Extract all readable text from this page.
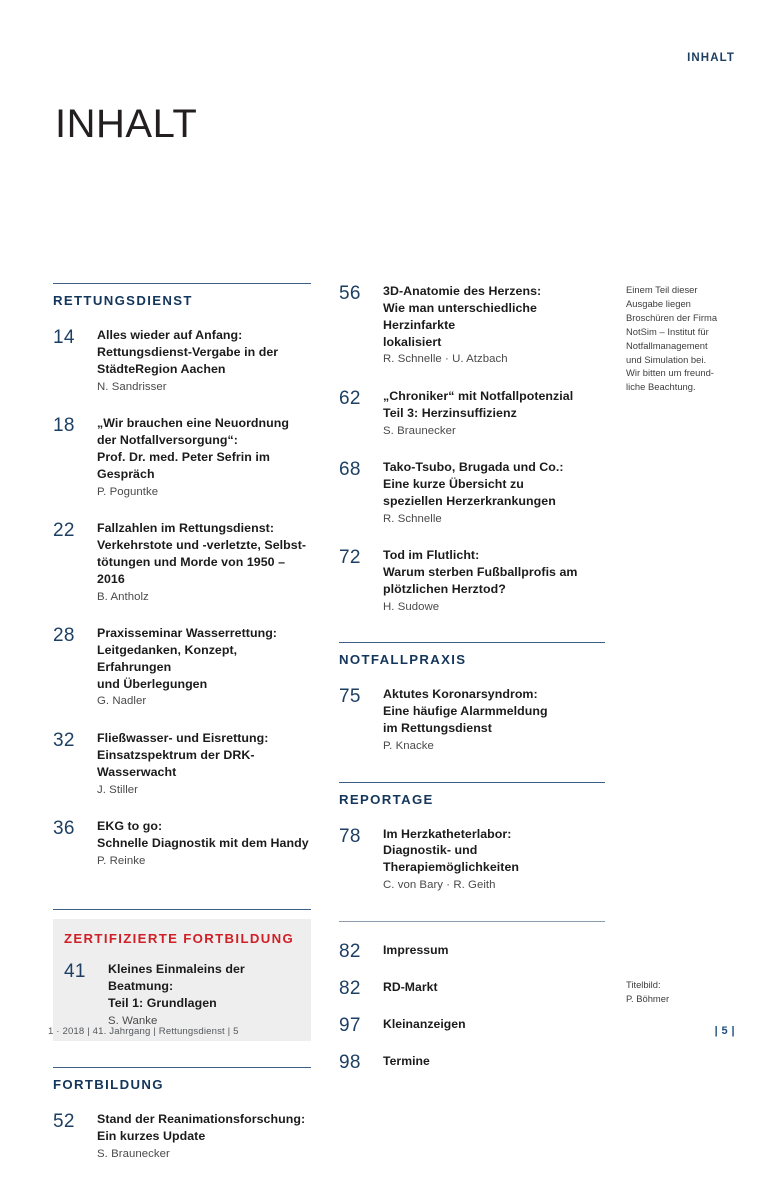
INHALT
INHALT
RETTUNGSDIENST
14	Alles wieder auf Anfang:
Rettungsdienst-Vergabe in der
StädteRegion Aachen
N. Sandrisser
18	„Wir brauchen eine Neuordnung
der Notfallversorgung“:
Prof. Dr. med. Peter Sefrin im Gespräch
P. Poguntke
22	Fallzahlen im Rettungsdienst:
Verkehrstote und -verletzte, Selbst-
tötungen und Morde von 1950 – 2016
B. Antholz
28	Praxisseminar Wasserrettung:
Leitgedanken, Konzept, Erfahrungen
und Überlegungen
G. Nadler
32	Fließwasser- und Eisrettung:
Einsatzspektrum der DRK-Wasserwacht
J. Stiller
36	EKG to go:
Schnelle Diagnostik mit dem Handy
P. Reinke
ZERTIFIZIERTE FORTBILDUNG
41	Kleines Einmaleins der Beatmung:
Teil 1: Grundlagen
S. Wanke
FORTBILDUNG
52	Stand der Reanimationsforschung:
Ein kurzes Update
S. Braunecker
56	3D-Anatomie des Herzens:
Wie man unterschiedliche Herzinfarkte
lokalisiert
R. Schnelle · U. Atzbach
62	„Chroniker“ mit Notfallpotenzial
Teil 3: Herzinsuffizienz
S. Braunecker
68	Tako-Tsubo, Brugada und Co.:
Eine kurze Übersicht zu
speziellen Herzerkrankungen
R. Schnelle
72	Tod im Flutlicht:
Warum sterben Fußballprofis am
plötzlichen Herztod?
H. Sudowe
NOTFALLPRAXIS
75	Aktutes Koronarsyndrom:
Eine häufige Alarmmeldung
im Rettungsdienst
P. Knacke
REPORTAGE
78	Im Herzkatheterlabor:
Diagnostik- und Therapiemöglichkeiten
C. von Bary · R. Geith
82	Impressum
82	RD-Markt
97	Kleinanzeigen
98	Termine
Einem Teil dieser
Ausgabe liegen
Broschüren der Firma
NotSim – Institut für
Notfallmanagement
und Simulation bei.
Wir bitten um freund-
liche Beachtung.
Titelbild:
P. Böhmer
1 · 2018 | 41. Jahrgang | Rettungsdienst | 5	| 5 |
